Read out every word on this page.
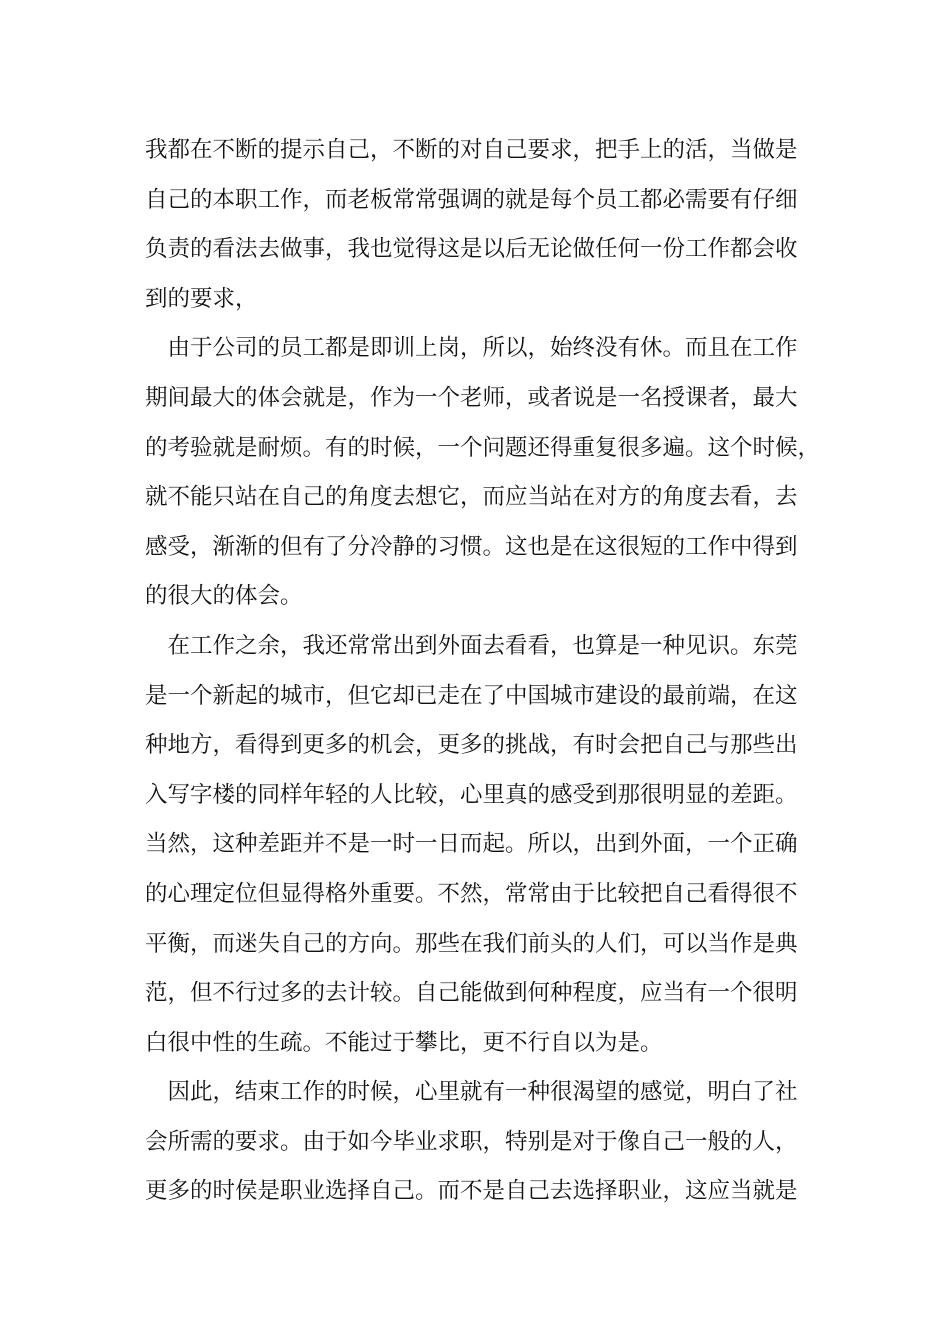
我都在不断的提示自己，不断的对自己要求，把手上的活，当做是
自己的本职工作，而老板常常强调的就是每个员工都必需要有仔细
负责的看法去做事，我也觉得这是以后无论做任何一份工作都会收
到的要求，
　由于公司的员工都是即训上岗，所以，始终没有休。而且在工作
期间最大的体会就是，作为一个老师，或者说是一名授课者，最大
的考验就是耐烦。有的时候，一个问题还得重复很多遍。这个时候，
就不能只站在自己的角度去想它，而应当站在对方的角度去看，去
感受，渐渐的但有了分冷静的习惯。这也是在这很短的工作中得到
的很大的体会。
　在工作之余，我还常常出到外面去看看，也算是一种见识。东莞
是一个新起的城市，但它却已走在了中国城市建设的最前端，在这
种地方，看得到更多的机会，更多的挑战，有时会把自己与那些出
入写字楼的同样年轻的人比较，心里真的感受到那很明显的差距。
当然，这种差距并不是一时一日而起。所以，出到外面，一个正确
的心理定位但显得格外重要。不然，常常由于比较把自己看得很不
平衡，而迷失自己的方向。那些在我们前头的人们，可以当作是典
范，但不行过多的去计较。自己能做到何种程度，应当有一个很明
白很中性的生疏。不能过于攀比，更不行自以为是。
　因此，结束工作的时候，心里就有一种很渴望的感觉，明白了社
会所需的要求。由于如今毕业求职，特别是对于像自己一般的人，
更多的时侯是职业选择自己。而不是自己去选择职业，这应当就是
